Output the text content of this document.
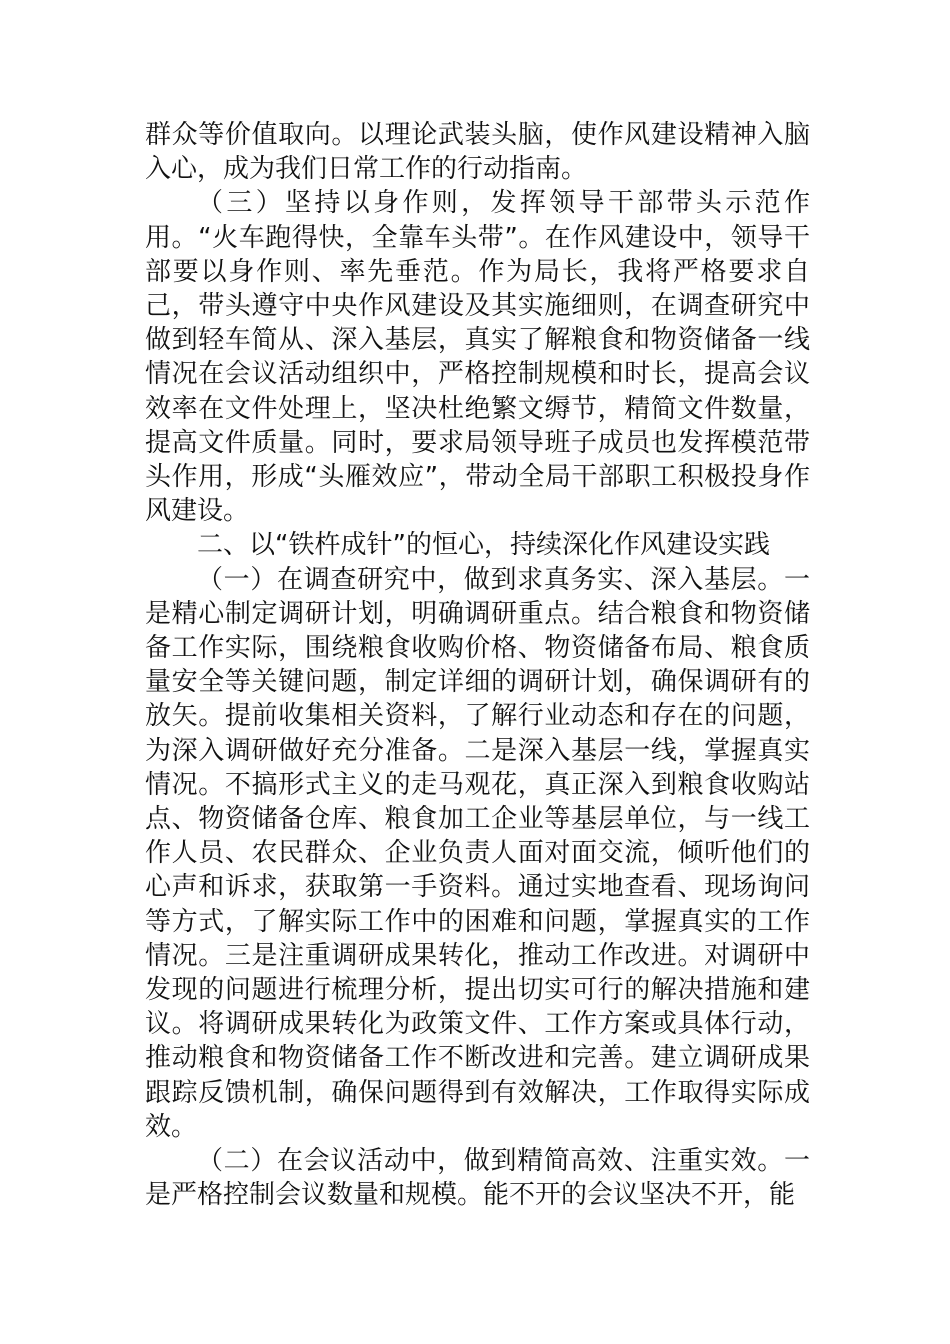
群众等价值取向。以理论武装头脑，使作风建设精神入脑入心，成为我们日常工作的行动指南。

（三）坚持以身作则，发挥领导干部带头示范作用。“火车跑得快，全靠车头带”。在作风建设中，领导干部要以身作则、率先垂范。作为局长，我将严格要求自己，带头遵守中央作风建设及其实施细则，在调查研究中做到轻车简从、深入基层，真实了解粮食和物资储备一线情况在会议活动组织中，严格控制规模和时长，提高会议效率在文件处理上，坚决杜绝繁文缛节，精简文件数量，提高文件质量。同时，要求局领导班子成员也发挥模范带头作用，形成“头雁效应”，带动全局干部职工积极投身作风建设。

二、以“铁杵成针”的恒心，持续深化作风建设实践

（一）在调查研究中，做到求真务实、深入基层。一是精心制定调研计划，明确调研重点。结合粮食和物资储备工作实际，围绕粮食收购价格、物资储备布局、粮食质量安全等关键问题，制定详细的调研计划，确保调研有的放矢。提前收集相关资料，了解行业动态和存在的问题，为深入调研做好充分准备。二是深入基层一线，掌握真实情况。不搞形式主义的走马观花，真正深入到粮食收购站点、物资储备仓库、粮食加工企业等基层单位，与一线工作人员、农民群众、企业负责人面对面交流，倾听他们的心声和诉求，获取第一手资料。通过实地查看、现场询问等方式，了解实际工作中的困难和问题，掌握真实的工作情况。三是注重调研成果转化，推动工作改进。对调研中发现的问题进行梳理分析，提出切实可行的解决措施和建议。将调研成果转化为政策文件、工作方案或具体行动，推动粮食和物资储备工作不断改进和完善。建立调研成果跟踪反馈机制，确保问题得到有效解决，工作取得实际成效。

（二）在会议活动中，做到精简高效、注重实效。一是严格控制会议数量和规模。能不开的会议坚决不开，能
